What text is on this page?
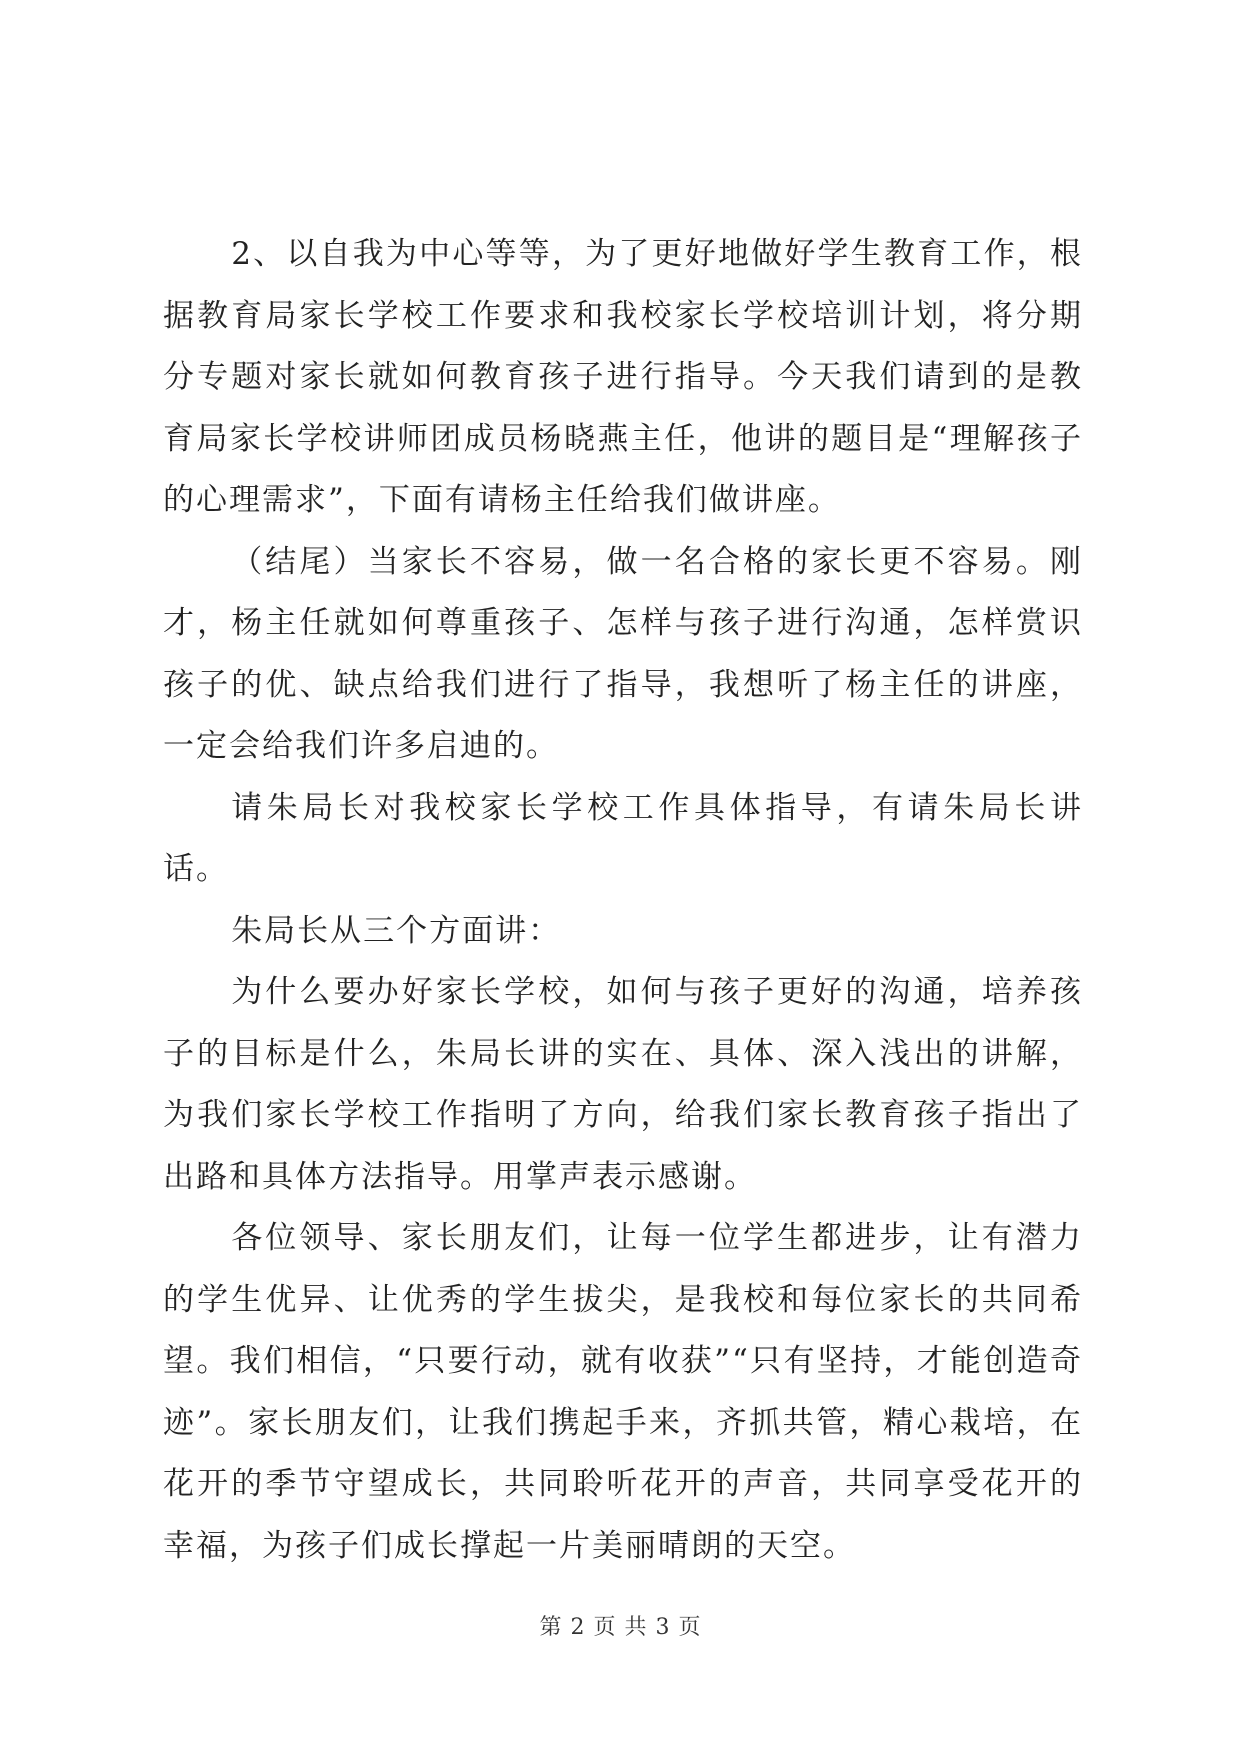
2、以自我为中心等等，为了更好地做好学生教育工作，根据教育局家长学校工作要求和我校家长学校培训计划，将分期分专题对家长就如何教育孩子进行指导。今天我们请到的是教育局家长学校讲师团成员杨晓燕主任，他讲的题目是“理解孩子的心理需求”，下面有请杨主任给我们做讲座。

（结尾）当家长不容易，做一名合格的家长更不容易。刚才，杨主任就如何尊重孩子、怎样与孩子进行沟通，怎样赏识孩子的优、缺点给我们进行了指导，我想听了杨主任的讲座，一定会给我们许多启迪的。

请朱局长对我校家长学校工作具体指导，有请朱局长讲话。

朱局长从三个方面讲：

为什么要办好家长学校，如何与孩子更好的沟通，培养孩子的目标是什么，朱局长讲的实在、具体、深入浅出的讲解，为我们家长学校工作指明了方向，给我们家长教育孩子指出了出路和具体方法指导。用掌声表示感谢。

各位领导、家长朋友们，让每一位学生都进步，让有潜力的学生优异、让优秀的学生拔尖，是我校和每位家长的共同希望。我们相信，“只要行动，就有收获”“只有坚持，才能创造奇迹”。家长朋友们，让我们携起手来，齐抓共管，精心栽培，在花开的季节守望成长，共同聆听花开的声音，共同享受花开的幸福，为孩子们成长撑起一片美丽晴朗的天空。

第 2 页 共 3 页
